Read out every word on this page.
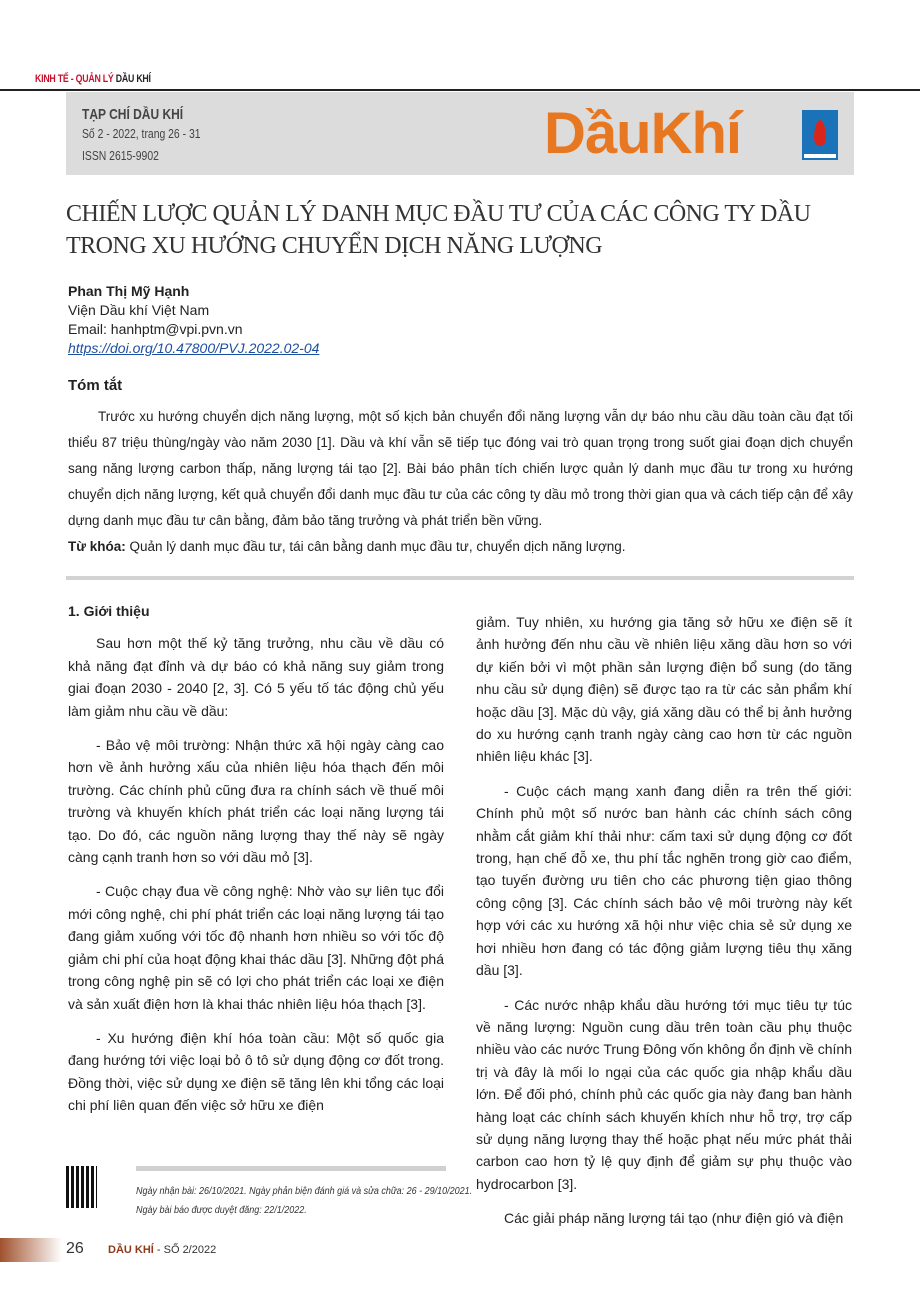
KINH TẾ - QUẢN LÝ DẦU KHÍ
TẠP CHÍ DẦU KHÍ
Số 2 - 2022, trang 26 - 31
ISSN 2615-9902	DầuKhí
CHIẾN LƯỢC QUẢN LÝ DANH MỤC ĐẦU TƯ CỦA CÁC CÔNG TY DẦU TRONG XU HƯỚNG CHUYỂN DỊCH NĂNG LƯỢNG
Phan Thị Mỹ Hạnh
Viện Dầu khí Việt Nam
Email: hanhptm@vpi.pvn.vn
https://doi.org/10.47800/PVJ.2022.02-04
Tóm tắt

Trước xu hướng chuyển dịch năng lượng, một số kịch bản chuyển đổi năng lượng vẫn dự báo nhu cầu dầu toàn cầu đạt tối thiểu 87 triệu thùng/ngày vào năm 2030 [1]. Dầu và khí vẫn sẽ tiếp tục đóng vai trò quan trọng trong suốt giai đoạn dịch chuyển sang năng lượng carbon thấp, năng lượng tái tạo [2]. Bài báo phân tích chiến lược quản lý danh mục đầu tư trong xu hướng chuyển dịch năng lượng, kết quả chuyển đổi danh mục đầu tư của các công ty dầu mỏ trong thời gian qua và cách tiếp cận để xây dựng danh mục đầu tư cân bằng, đảm bảo tăng trưởng và phát triển bền vững.

Từ khóa: Quản lý danh mục đầu tư, tái cân bằng danh mục đầu tư, chuyển dịch năng lượng.
1. Giới thiệu

Sau hơn một thế kỷ tăng trưởng, nhu cầu về dầu có khả năng đạt đỉnh và dự báo có khả năng suy giảm trong giai đoạn 2030 - 2040 [2, 3]. Có 5 yếu tố tác động chủ yếu làm giảm nhu cầu về dầu:

- Bảo vệ môi trường: Nhận thức xã hội ngày càng cao hơn về ảnh hưởng xấu của nhiên liệu hóa thạch đến môi trường. Các chính phủ cũng đưa ra chính sách về thuế môi trường và khuyến khích phát triển các loại năng lượng tái tạo. Do đó, các nguồn năng lượng thay thế này sẽ ngày càng cạnh tranh hơn so với dầu mỏ [3].

- Cuộc chạy đua về công nghệ: Nhờ vào sự liên tục đổi mới công nghệ, chi phí phát triển các loại năng lượng tái tạo đang giảm xuống với tốc độ nhanh hơn nhiều so với tốc độ giảm chi phí của hoạt động khai thác dầu [3]. Những đột phá trong công nghệ pin sẽ có lợi cho phát triển các loại xe điện và sản xuất điện hơn là khai thác nhiên liệu hóa thạch [3].

- Xu hướng điện khí hóa toàn cầu: Một số quốc gia đang hướng tới việc loại bỏ ô tô sử dụng động cơ đốt trong. Đồng thời, việc sử dụng xe điện sẽ tăng lên khi tổng các loại chi phí liên quan đến việc sở hữu xe điện

giảm. Tuy nhiên, xu hướng gia tăng sở hữu xe điện sẽ ít ảnh hưởng đến nhu cầu về nhiên liệu xăng dầu hơn so với dự kiến bởi vì một phần sản lượng điện bổ sung (do tăng nhu cầu sử dụng điện) sẽ được tạo ra từ các sản phẩm khí hoặc dầu [3]. Mặc dù vậy, giá xăng dầu có thể bị ảnh hưởng do xu hướng cạnh tranh ngày càng cao hơn từ các nguồn nhiên liệu khác [3].

- Cuộc cách mạng xanh đang diễn ra trên thế giới: Chính phủ một số nước ban hành các chính sách công nhằm cắt giảm khí thải như: cấm taxi sử dụng động cơ đốt trong, hạn chế đỗ xe, thu phí tắc nghẽn trong giờ cao điểm, tạo tuyến đường ưu tiên cho các phương tiện giao thông công cộng [3]. Các chính sách bảo vệ môi trường này kết hợp với các xu hướng xã hội như việc chia sẻ sử dụng xe hơi nhiều hơn đang có tác động giảm lượng tiêu thụ xăng dầu [3].

- Các nước nhập khẩu dầu hướng tới mục tiêu tự túc về năng lượng: Nguồn cung dầu trên toàn cầu phụ thuộc nhiều vào các nước Trung Đông vốn không ổn định về chính trị và đây là mối lo ngại của các quốc gia nhập khẩu dầu lớn. Để đối phó, chính phủ các quốc gia này đang ban hành hàng loạt các chính sách khuyến khích như hỗ trợ, trợ cấp sử dụng năng lượng thay thế hoặc phạt nếu mức phát thải carbon cao hơn tỷ lệ quy định để giảm sự phụ thuộc vào hydrocarbon [3].

Các giải pháp năng lượng tái tạo (như điện gió và điện

Ngày nhận bài: 26/10/2021. Ngày phản biện đánh giá và sửa chữa: 26 - 29/10/2021.
Ngày bài báo được duyệt đăng: 22/1/2022.
26 DẦU KHÍ - SỐ 2/2022
